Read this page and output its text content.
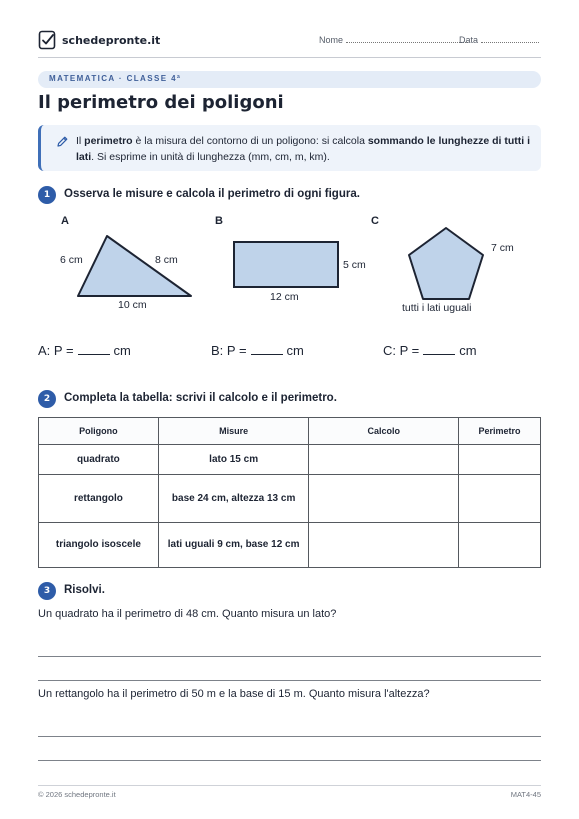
schedepronte.it	Nome	Data
MATEMATICA · CLASSE 4ª
Il perimetro dei poligoni
Il perimetro è la misura del contorno di un poligono: si calcola sommando le lunghezze di tutti i lati. Si esprime in unità di lunghezza (mm, cm, m, km).
1	Osserva le misure e calcola il perimetro di ogni figura.
A	B	C
6 cm	8 cm
10 cm
5 cm
12 cm
7 cm
tutti i lati uguali
A: P =	cm	B: P =	cm	C: P =	cm
2	Completa la tabella: scrivi il calcolo e il perimetro.
Poligono	Misure	Calcolo	Perimetro
quadrato	lato 15 cm		
rettangolo	base 24 cm, altezza 13 cm		
triangolo isoscele	lati uguali 9 cm, base 12 cm		
3	Risolvi.
Un quadrato ha il perimetro di 48 cm. Quanto misura un lato?
Un rettangolo ha il perimetro di 50 m e la base di 15 m. Quanto misura l'altezza?
© 2026 schedepronte.it	MAT4-45
